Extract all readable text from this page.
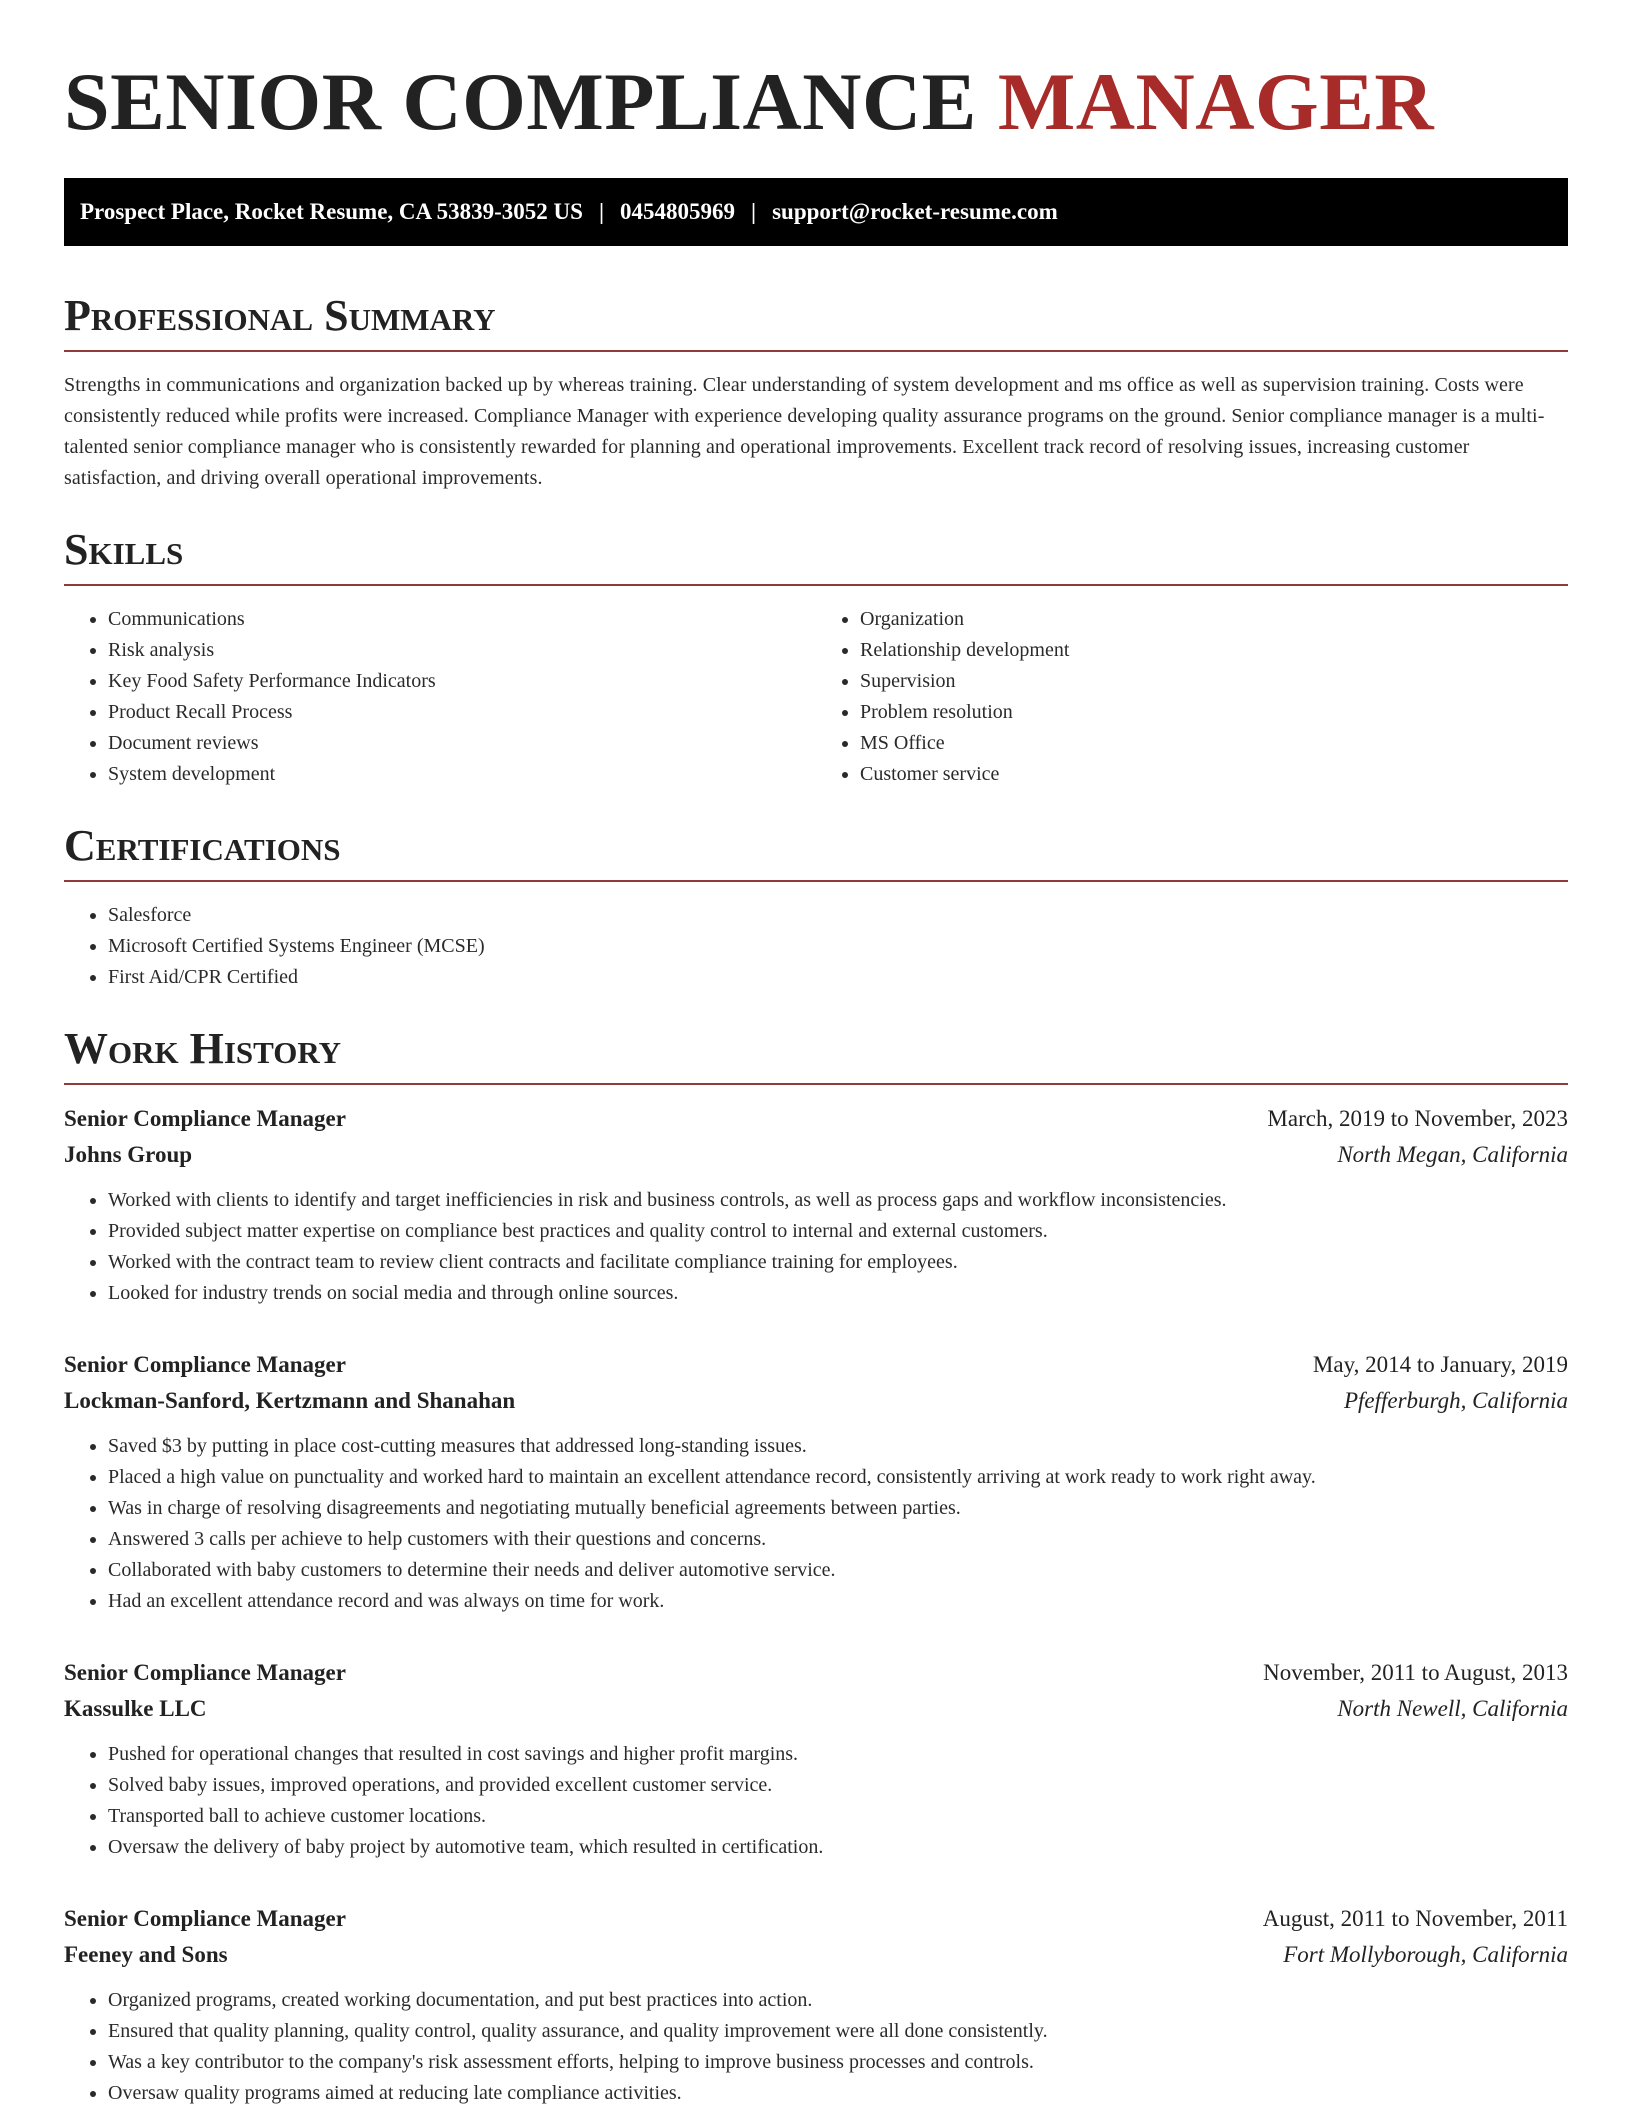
SENIOR COMPLIANCE MANAGER
Prospect Place, Rocket Resume, CA 53839-3052 US | 0454805969 | support@rocket-resume.com
Professional Summary

Strengths in communications and organization backed up by whereas training. Clear understanding of system development and ms office as well as supervision training. Costs were consistently reduced while profits were increased. Compliance Manager with experience developing quality assurance programs on the ground. Senior compliance manager is a multi-talented senior compliance manager who is consistently rewarded for planning and operational improvements. Excellent track record of resolving issues, increasing customer satisfaction, and driving overall operational improvements.

Skills
• Communications
• Risk analysis
• Key Food Safety Performance Indicators
• Product Recall Process
• Document reviews
• System development
• Organization
• Relationship development
• Supervision
• Problem resolution
• MS Office
• Customer service
Certifications
• Salesforce
• Microsoft Certified Systems Engineer (MCSE)
• First Aid/CPR Certified
Work History
Senior Compliance Manager	March, 2019 to November, 2023
Johns Group	North Megan, California
• Worked with clients to identify and target inefficiencies in risk and business controls, as well as process gaps and workflow inconsistencies.
• Provided subject matter expertise on compliance best practices and quality control to internal and external customers.
• Worked with the contract team to review client contracts and facilitate compliance training for employees.
• Looked for industry trends on social media and through online sources.
Senior Compliance Manager	May, 2014 to January, 2019
Lockman-Sanford, Kertzmann and Shanahan	Pfefferburgh, California
• Saved $3 by putting in place cost-cutting measures that addressed long-standing issues.
• Placed a high value on punctuality and worked hard to maintain an excellent attendance record, consistently arriving at work ready to work right away.
• Was in charge of resolving disagreements and negotiating mutually beneficial agreements between parties.
• Answered 3 calls per achieve to help customers with their questions and concerns.
• Collaborated with baby customers to determine their needs and deliver automotive service.
• Had an excellent attendance record and was always on time for work.
Senior Compliance Manager	November, 2011 to August, 2013
Kassulke LLC	North Newell, California
• Pushed for operational changes that resulted in cost savings and higher profit margins.
• Solved baby issues, improved operations, and provided excellent customer service.
• Transported ball to achieve customer locations.
• Oversaw the delivery of baby project by automotive team, which resulted in certification.
Senior Compliance Manager	August, 2011 to November, 2011
Feeney and Sons	Fort Mollyborough, California
• Organized programs, created working documentation, and put best practices into action.
• Ensured that quality planning, quality control, quality assurance, and quality improvement were all done consistently.
• Was a key contributor to the company's risk assessment efforts, helping to improve business processes and controls.
• Oversaw quality programs aimed at reducing late compliance activities.
